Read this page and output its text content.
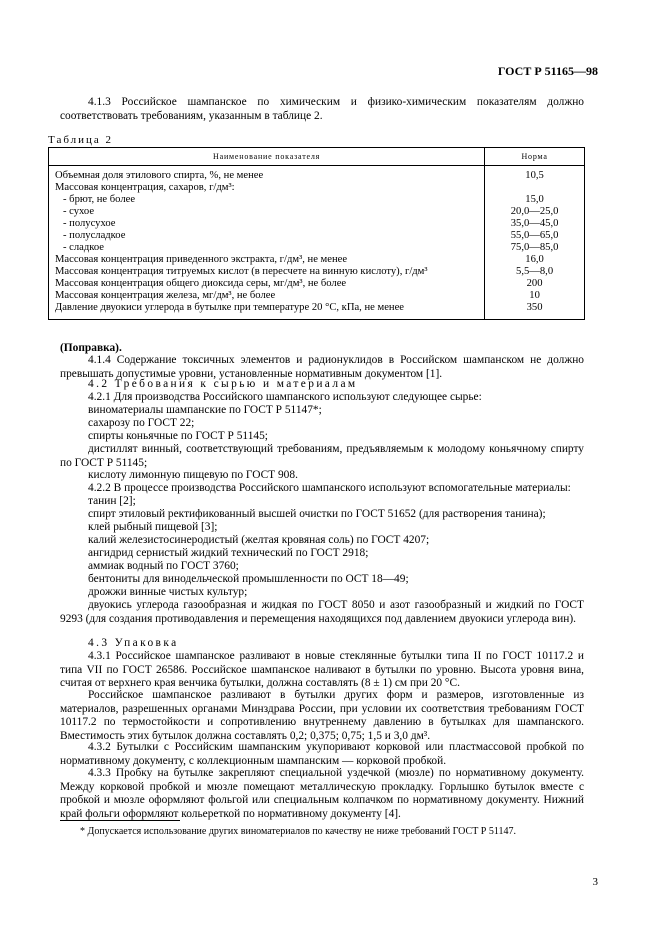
ГОСТ Р 51165—98

4.1.3 Российское шампанское по химическим и физико-химическим показателям должно соответствовать требованиям, указанным в таблице 2.

Таблица 2
Наименование показателя	Норма
Объемная доля этилового спирта, %, не менее	10,5
Массовая концентрация, сахаров, г/дм³:	
- брют, не более	15,0
- сухое	20,0—25,0
- полусухое	35,0—45,0
- полусладкое	55,0—65,0
- сладкое	75,0—85,0
Массовая концентрация приведенного экстракта, г/дм³, не менее	16,0
Массовая концентрация титруемых кислот (в пересчете на винную кислоту), г/дм³	5,5—8,0
Массовая концентрация общего диоксида серы, мг/дм³, не более	200
Массовая концентрация железа, мг/дм³, не более	10
Давление двуокиси углерода в бутылке при температуре 20 °С, кПа, не менее	350

(Поправка).

4.1.4 Содержание токсичных элементов и радионуклидов в Российском шампанском не должно превышать допустимые уровни, установленные нормативным документом [1].

4.2 Требования к сырью и материалам

4.2.1 Для производства Российского шампанского используют следующее сырье:

виноматериалы шампанские по ГОСТ Р 51147*;

сахарозу по ГОСТ 22;

спирты коньячные по ГОСТ Р 51145;

дистиллят винный, соответствующий требованиям, предъявляемым к молодому коньячному спирту по ГОСТ Р 51145;

кислоту лимонную пищевую по ГОСТ 908.

4.2.2 В процессе производства Российского шампанского используют вспомогательные материалы:

танин [2];

спирт этиловый ректификованный высшей очистки по ГОСТ 51652 (для растворения танина);

клей рыбный пищевой [3];

калий железистосинеродистый (желтая кровяная соль) по ГОСТ 4207;

ангидрид сернистый жидкий технический по ГОСТ 2918;

аммиак водный по ГОСТ 3760;

бентониты для винодельческой промышленности по ОСТ 18—49;

дрожжи винные чистых культур;

двуокись углерода газообразная и жидкая по ГОСТ 8050 и азот газообразный и жидкий по ГОСТ 9293 (для создания противодавления и перемещения находящихся под давлением двуокиси углерода вин).

4.3 Упаковка

4.3.1 Российское шампанское разливают в новые стеклянные бутылки типа II по ГОСТ 10117.2 и типа VII по ГОСТ 26586. Российское шампанское наливают в бутылки по уровню. Высота уровня вина, считая от верхнего края венчика бутылки, должна составлять (8 ± 1) см при 20 °С.

Российское шампанское разливают в бутылки других форм и размеров, изготовленные из материалов, разрешенных органами Минздрава России, при условии их соответствия требованиям ГОСТ 10117.2 по термостойкости и сопротивлению внутреннему давлению в бутылках для шампанского. Вместимость этих бутылок должна составлять 0,2; 0,375; 0,75; 1,5 и 3,0 дм³.

4.3.2 Бутылки с Российским шампанским укупоривают корковой или пластмассовой пробкой по нормативному документу, с коллекционным шампанским — корковой пробкой.

4.3.3 Пробку на бутылке закрепляют специальной уздечкой (мюзле) по нормативному документу. Между корковой пробкой и мюзле помещают металлическую прокладку. Горлышко бутылок вместе с пробкой и мюзле оформляют фольгой или специальным колпачком по нормативному документу. Нижний край фольги оформляют кольереткой по нормативному документу [4].

* Допускается использование других виноматериалов по качеству не ниже требований ГОСТ Р 51147.
3
